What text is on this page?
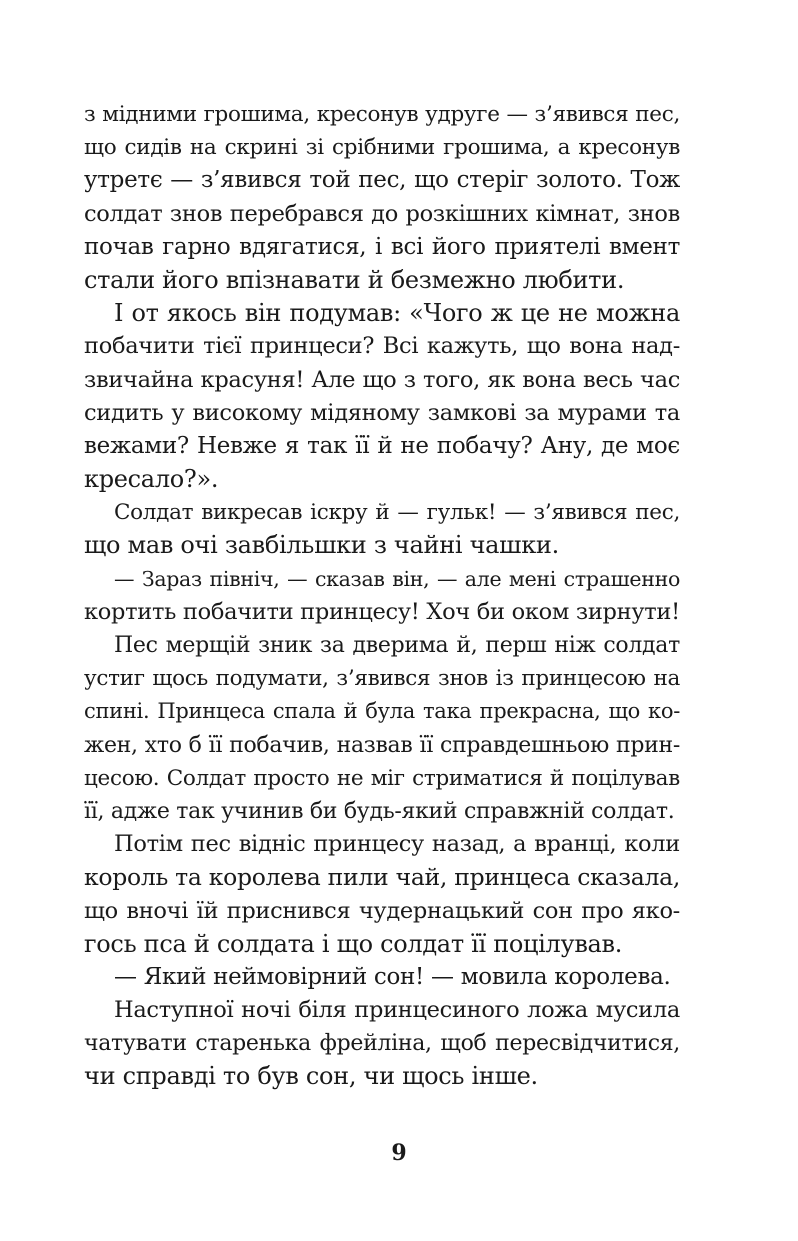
з мідними грошима, кресонув удруге — з’явився пес,
що сидів на скрині зі срібними грошима, а кресонув
утретє — з’явився той пес, що стеріг золото. Тож
солдат знов перебрався до розкішних кімнат, знов
почав гарно вдягатися, і всі його приятелі вмент
стали його впізнавати й безмежно любити.
І от якось він подумав: «Чого ж це не можна
побачити тієї принцеси? Всі кажуть, що вона над-
звичайна красуня! Але що з того, як вона весь час
сидить у високому мідяному замкові за мурами та
вежами? Невже я так її й не побачу? Ану, де моє
кресало?».
Солдат викресав іскру й — гульк! — з’явився пес,
що мав очі завбільшки з чайні чашки.
— Зараз північ, — сказав він, — але мені страшенно
кортить побачити принцесу! Хоч би оком зирнути!
Пес мерщій зник за дверима й, перш ніж солдат
устиг щось подумати, з’явився знов із принцесою на
спині. Принцеса спала й була така прекрасна, що ко-
жен, хто б її побачив, назвав її справдешньою прин-
цесою. Солдат просто не міг стриматися й поцілував
її, адже так учинив би будь-який справжній солдат.
Потім пес відніс принцесу назад, а вранці, коли
король та королева пили чай, принцеса сказала,
що вночі їй приснився чудернацький сон про яко-
гось пса й солдата і що солдат її поцілував.
— Який неймовірний сон! — мовила королева.
Наступної ночі біля принцесиного ложа мусила
чатувати старенька фрейліна, щоб пересвідчитися,
чи справді то був сон, чи щось інше.
9
